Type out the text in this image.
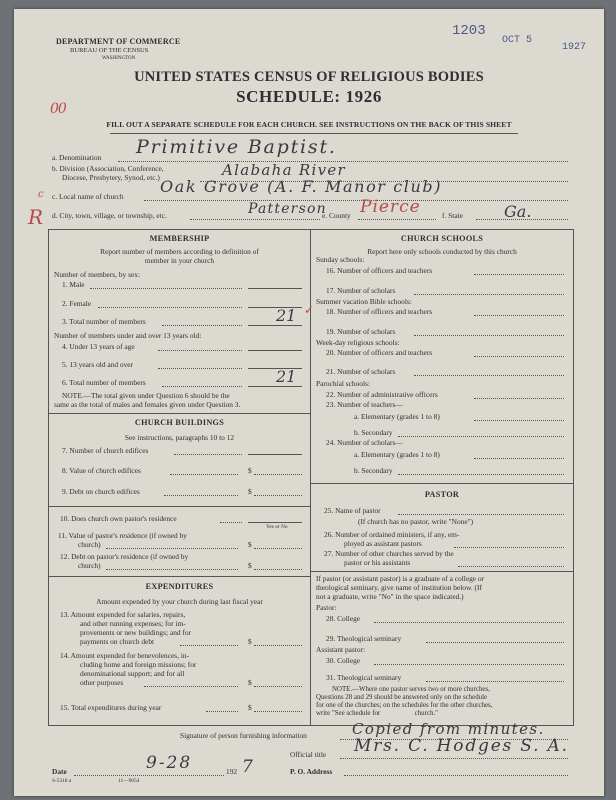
1203
OCT 5
1927
DEPARTMENT OF COMMERCE
BUREAU OF THE CENSUS
WASHINGTON
UNITED STATES CENSUS OF RELIGIOUS BODIES
SCHEDULE: 1926
00
FILL OUT A SEPARATE SCHEDULE FOR EACH CHURCH. SEE INSTRUCTIONS ON THE BACK OF THIS SHEET
a. Denomination Primitive Baptist.
b. Division (Association, Conference,
Diocese, Presbytery, Synod, etc.)	Alabaha River
c c. Local name of church
Oak Grove (A. F. Manor club)
R d. City, town, village, or township, etc.	Patterson
e. County Pierce	f. State	Ga.
MEMBERSHIP
Report number of members according to definition of
member in your church
Number of members, by sex:
1. Male
2. Female
3. Total number of members	21 ✓
Number of members under and over 13 years old:
4. Under 13 years of age
5. 13 years old and over
6. Total number of members	21
NOTE.—The total given under Question 6 should be the
same as the total of males and females given under Question 3.
CHURCH BUILDINGS
See instructions, paragraphs 10 to 12
7. Number of church edifices
8. Value of church edifices	$
9. Debt on church edifices	$
10. Does church own pastor's residence
Yes or No
11. Value of pastor's residence (if owned by
church)	$
12. Debt on pastor's residence (if owned by
church)	$
EXPENDITURES
Amount expended by your church during last fiscal year
13. Amount expended for salaries, repairs,
and other running expenses; for im-
provements or new buildings; and for
payments on church debt	$
14. Amount expended for benevolences, in-
cluding home and foreign missions; for
denominational support; and for all
other purposes	$
15. Total expenditures during year	$
CHURCH SCHOOLS
Report here only schools conducted by this church
Sunday schools:
16. Number of officers and teachers
17. Number of scholars
Summer vacation Bible schools:
18. Number of officers and teachers
19. Number of scholars
Week-day religious schools:
20. Number of officers and teachers
21. Number of scholars
Parochial schools:
22. Number of administrative officers
23. Number of teachers—
a. Elementary (grades 1 to 8)
b. Secondary
24. Number of scholars—
a. Elementary (grades 1 to 8)
b. Secondary
PASTOR
25. Name of pastor
(If church has no pastor, write "None")
26. Number of ordained ministers, if any, em-
ployed as assistant pastors
27. Number of other churches served by the
pastor or his assistants
If pastor (or assistant pastor) is a graduate of a college or
theological seminary, give name of institution below. (If
not a graduate, write "No" in the space indicated.)
Pastor:
28. College
29. Theological seminary
Assistant pastor:
30. College
31. Theological seminary
NOTE.—Where one pastor serves two or more churches,
Questions 28 and 29 should be answered only on the schedule
for one of the churches; on the schedules for the other churches,
write "See schedule for                    church."
Signature of person furnishing information	Copied from minutes.
Official title Mrs. C. Hodges S. A.
Date	9-28	192 7	P. O. Address
S-5318 a	11—9054
